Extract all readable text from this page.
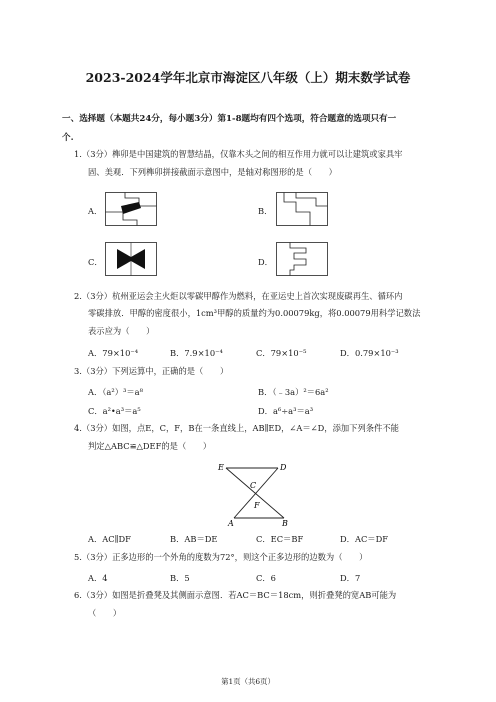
2023-2024学年北京市海淀区八年级（上）期末数学试卷
一、选择题（本题共24分，每小题3分）第1-8题均有四个选项，符合题意的选项只有一
个.
1.（3分）榫卯是中国建筑的智慧结晶，仅靠木头之间的相互作用力就可以让建筑或家具牢
固、美观．下列榫卯拼接截面示意图中，是轴对称图形的是（　　）
A．	B．
C．	D．
2.（3分）杭州亚运会主火炬以零碳甲醇作为燃料，在亚运史上首次实现废碳再生、循环内
零碳排放．甲醇的密度很小，1cm³甲醇的质量约为0.00079kg，将0.00079用科学记数法
表示应为（　　）
A．79×10⁻⁴	B．7.9×10⁻⁴	C．79×10⁻⁵	D．0.79×10⁻³
3.（3分）下列运算中，正确的是（　　）
A．（a²）³＝a⁸	B．（﹣3a）²＝6a²
C．a²•a³＝a⁵	D．a⁶÷a³＝a³
4.（3分）如图，点E，C，F，B在一条直线上，AB∥ED，∠A＝∠D，添加下列条件不能
判定△ABC≌△DEF的是（　　）
E	D
C
F
A	B
A．AC∥DF	B．AB＝DE	C．EC＝BF	D．AC＝DF
5.（3分）正多边形的一个外角的度数为72°，则这个正多边形的边数为（　　）
A．4	B．5	C．6	D．7
6.（3分）如图是折叠凳及其侧面示意图．若AC＝BC＝18cm，则折叠凳的宽AB可能为
（　　）
第1页（共6页）
